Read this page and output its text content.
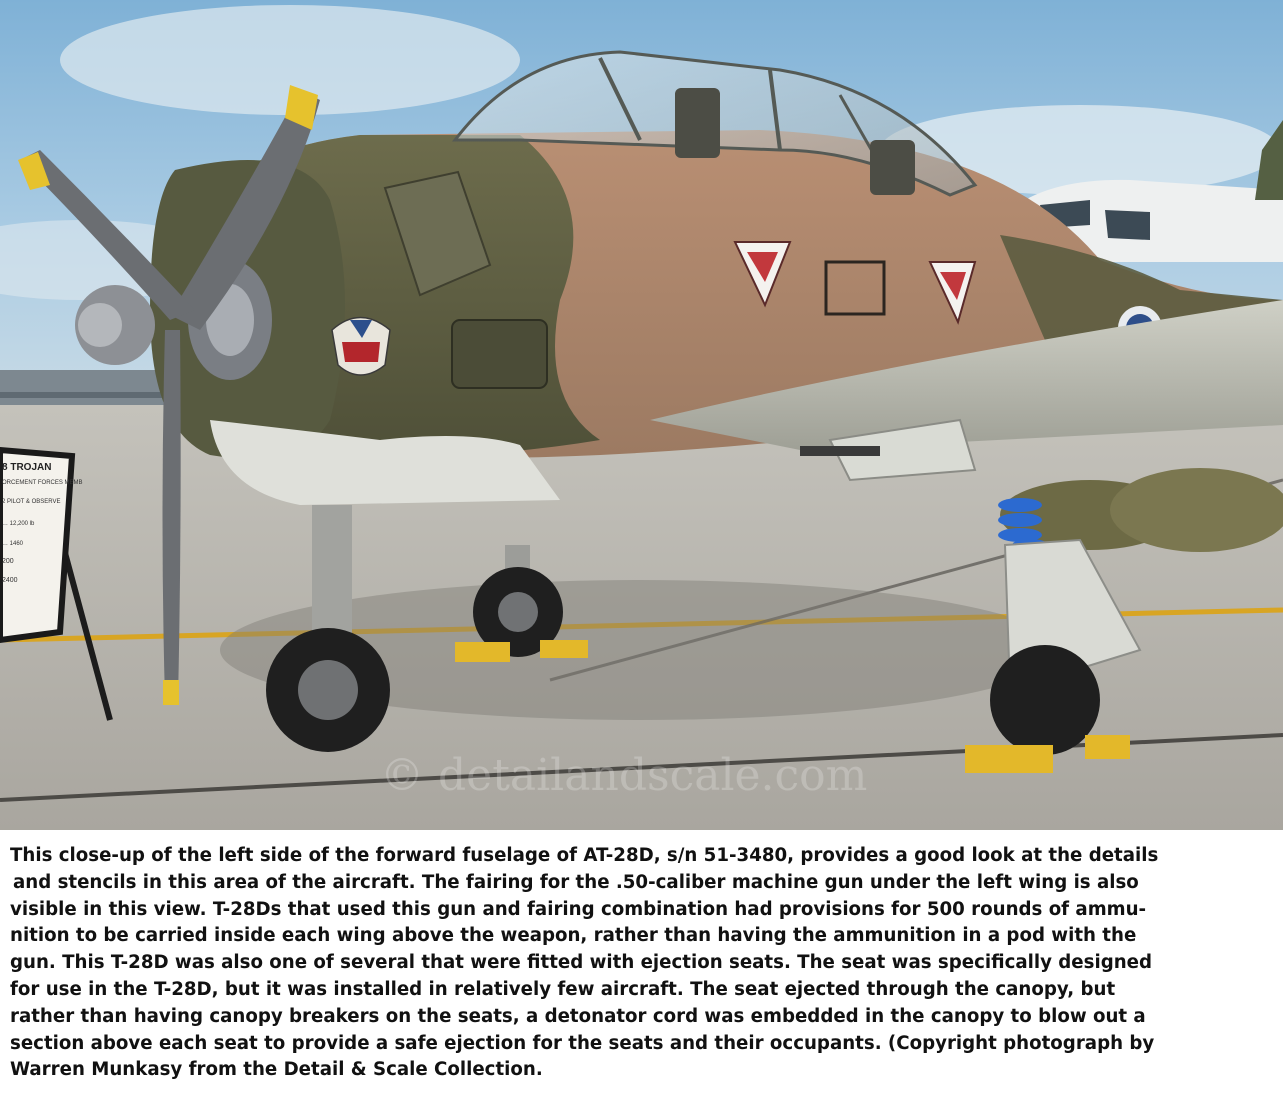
8 TROJAN
ORCEMENT FORCES MEMB
2 PILOT & OBSERVE
… 12,200 lb
… 1460
200
2400
© detailandscale.com
This close-up of the left side of the forward fuselage of AT-28D, s/n 51-3480, provides a good look at the details
and stencils in this area of the aircraft. The fairing for the .50-caliber machine gun under the left wing is also
visible in this view. T-28Ds that used this gun and fairing combination had provisions for 500 rounds of ammu-
nition to be carried inside each wing above the weapon, rather than having the ammunition in a pod with the
gun. This T-28D was also one of several that were fitted with ejection seats. The seat was specifically designed
for use in the T-28D, but it was installed in relatively few aircraft. The seat ejected through the canopy, but
rather than having canopy breakers on the seats, a detonator cord was embedded in the canopy to blow out a
section above each seat to provide a safe ejection for the seats and their occupants. (Copyright photograph by
Warren Munkasy from the Detail & Scale Collection.
